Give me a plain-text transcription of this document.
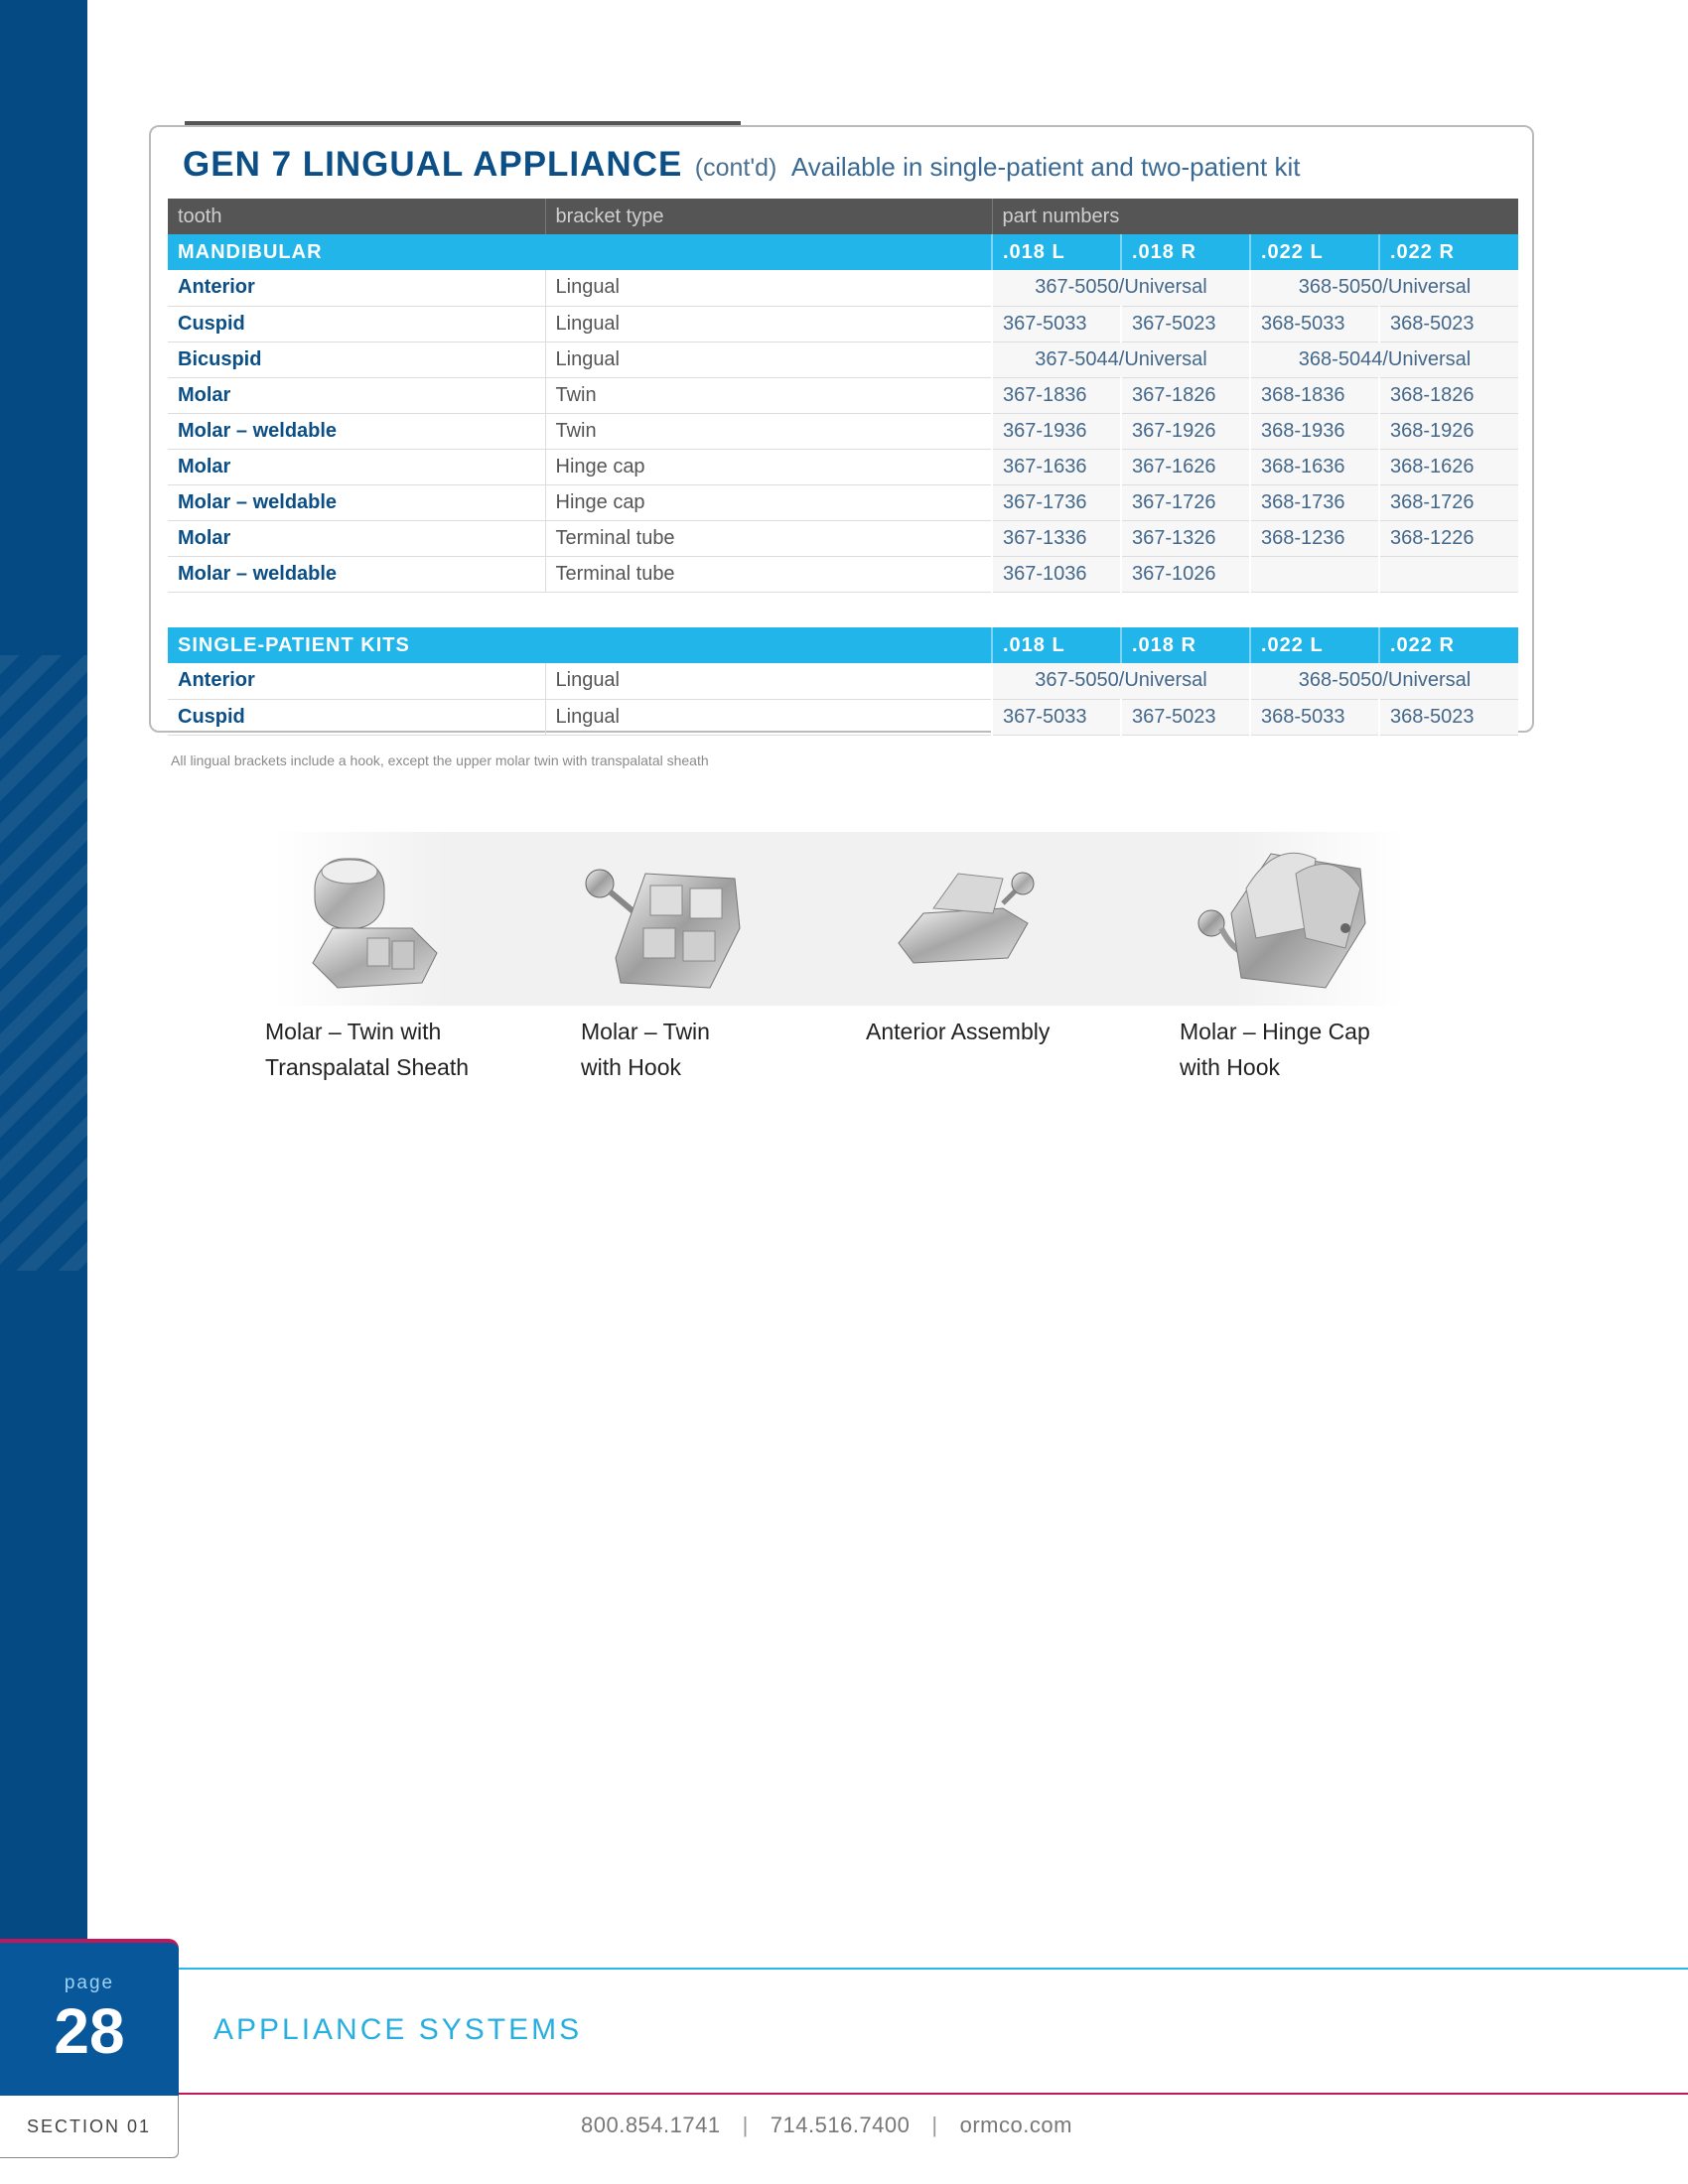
GEN 7 LINGUAL APPLIANCE (cont'd) Available in single-patient and two-patient kit
tooth	bracket type	part numbers			
MANDIBULAR		.018 L	.018 R	.022 L	.022 R
Anterior	Lingual	367-5050/Universal		368-5050/Universal	
Cuspid	Lingual	367-5033	367-5023	368-5033	368-5023
Bicuspid	Lingual	367-5044/Universal		368-5044/Universal	
Molar	Twin	367-1836	367-1826	368-1836	368-1826
Molar – weldable	Twin	367-1936	367-1926	368-1936	368-1926
Molar	Hinge cap	367-1636	367-1626	368-1636	368-1626
Molar – weldable	Hinge cap	367-1736	367-1726	368-1736	368-1726
Molar	Terminal tube	367-1336	367-1326	368-1236	368-1226
Molar – weldable	Terminal tube	367-1036	367-1026		

SINGLE-PATIENT KITS		.018 L	.018 R	.022 L	.022 R
Anterior	Lingual	367-5050/Universal		368-5050/Universal	
Cuspid	Lingual	367-5033	367-5023	368-5033	368-5023
All lingual brackets include a hook, except the upper molar twin with transpalatal sheath
Molar – Twin with
Transpalatal Sheath
Molar – Twin
with Hook
Anterior Assembly	Molar – Hinge Cap
with Hook
page
28
SECTION 01
APPLIANCE SYSTEMS
800.854.1741 | 714.516.7400 | ormco.com
